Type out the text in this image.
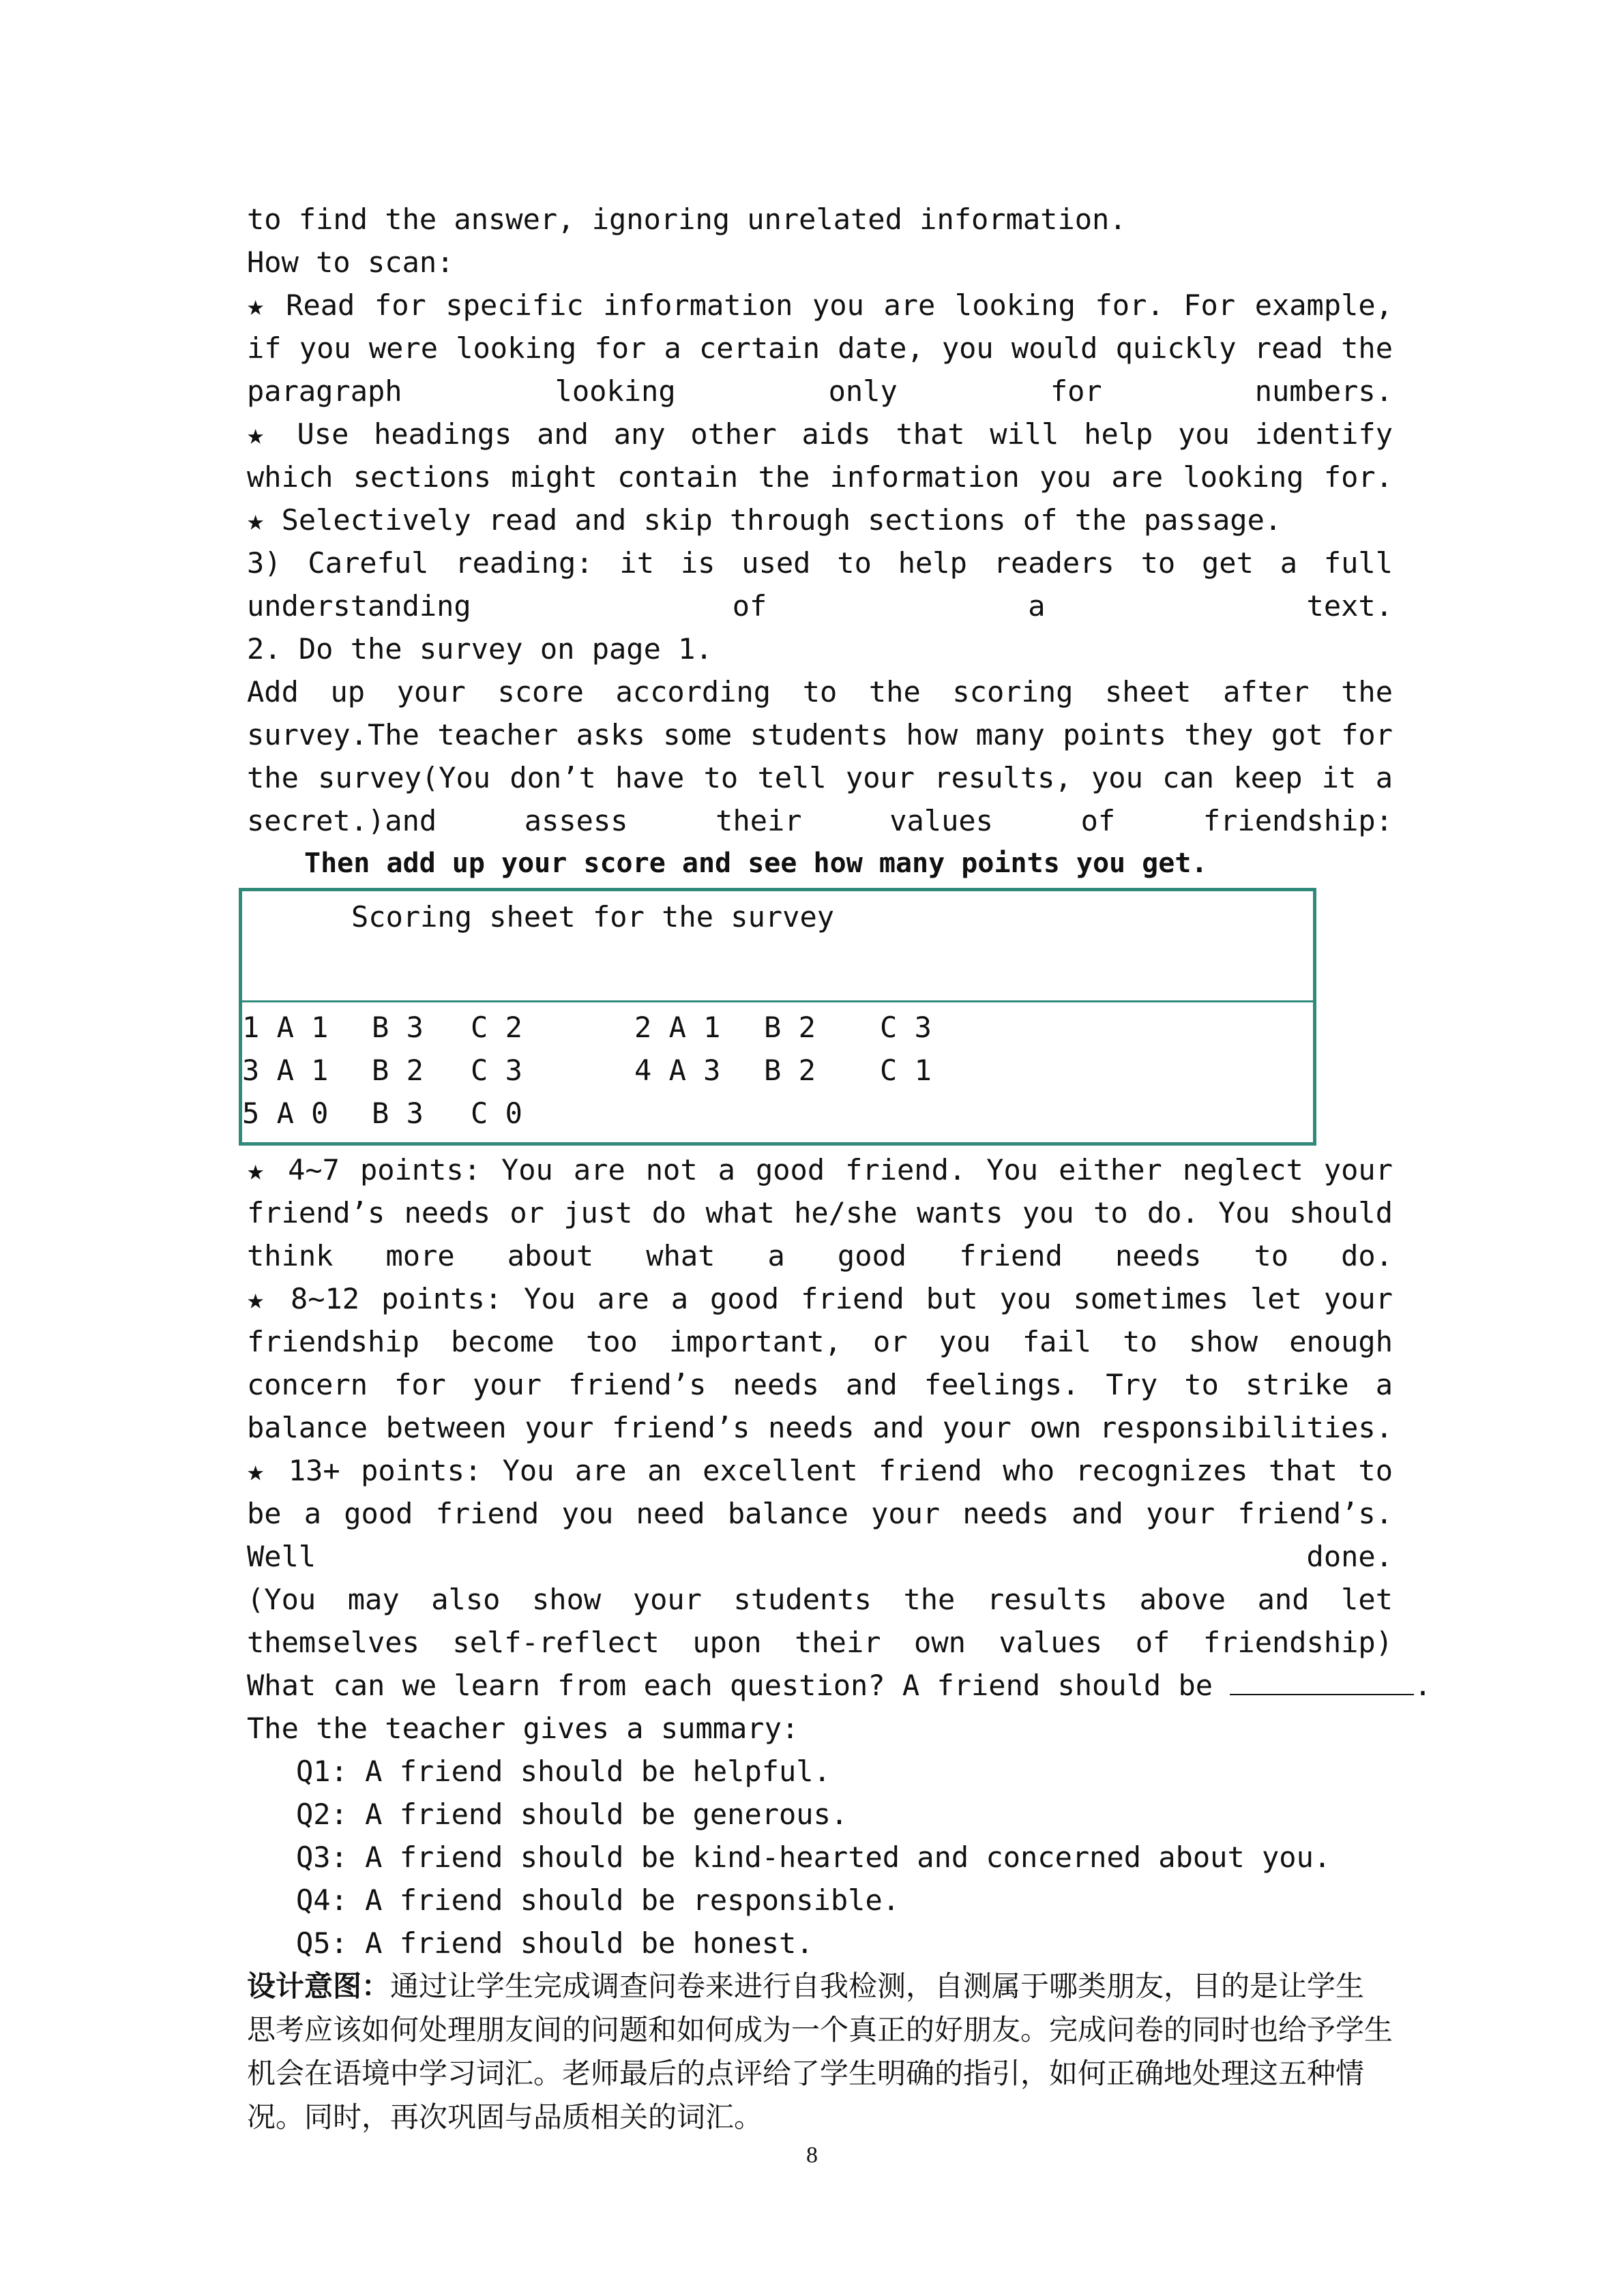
to find the answer, ignoring unrelated information.
How to scan:
★ Read for specific information you are looking for. For example, if you were looking for a certain date, you would quickly read the paragraph looking only for numbers.
★ Use headings and any other aids that will help you identify which sections might contain the information you are looking for.
★ Selectively read and skip through sections of the passage.
3) Careful reading: it is used to help readers to get a full understanding of a text.
2. Do the survey on page 1.
Add up your score according to the scoring sheet after the survey.The teacher asks some students how many points they got for the survey(You don’t have to tell your results, you can keep it a secret.)and assess their values of friendship:
Then add up your score and see how many points you get.
Scoring sheet for the survey
1 A 1 B 3 C 2	2 A 1 B 2 C 3
3 A 1 B 2 C 3	4 A 3 B 2 C 1
5 A 0 B 3 C 0
★ 4~7 points: You are not a good friend. You either neglect your friend’s needs or just do what he/she wants you to do. You should think more about what a good friend needs to do.
★ 8~12 points: You are a good friend but you sometimes let your friendship become too important, or you fail to show enough concern for your friend’s needs and feelings. Try to strike a balance between your friend’s needs and your own responsibilities.
★ 13+ points: You are an excellent friend who recognizes that to be a good friend you need balance your needs and your friend’s. Well done.
(You may also show your students the results above and let themselves self-reflect upon their own values of friendship)
What can we learn from each question? A friend should be	.
The the teacher gives a summary:
Q1: A friend should be helpful.
Q2: A friend should be generous.
Q3: A friend should be kind-hearted and concerned about you.
Q4: A friend should be responsible.
Q5: A friend should be honest.
设计意图：通过让学生完成调查问卷来进行自我检测，自测属于哪类朋友，目的是让学生思考应该如何处理朋友间的问题和如何成为一个真正的好朋友。完成问卷的同时也给予学生机会在语境中学习词汇。老师最后的点评给了学生明确的指引，如何正确地处理这五种情况。同时，再次巩固与品质相关的词汇。
8
